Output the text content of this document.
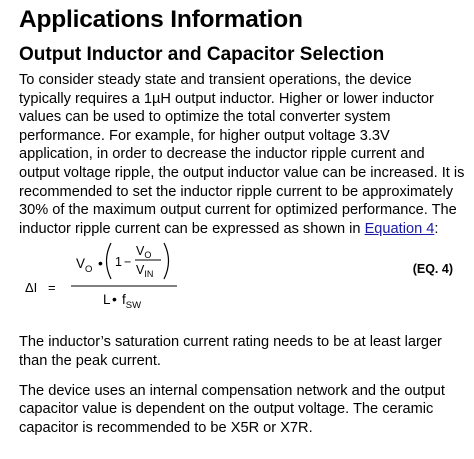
Applications Information
Output Inductor and Capacitor Selection

To consider steady state and transient operations, the device typically requires a 1µH output inductor. Higher or lower inductor values can be used to optimize the total converter system performance. For example, for higher output voltage 3.3V application, in order to decrease the inductor ripple current and output voltage ripple, the output inductor value can be increased. It is recommended to set the inductor ripple current to be approximately 30% of the maximum output current for optimized performance. The inductor ripple current can be expressed as shown in Equation 4:

ΔI =
$V_O$ • 1 −
$V_O$
$V_{IN}$
L • $f_{SW}$
(EQ. 4)

The inductor’s saturation current rating needs to be at least larger than the peak current.

The device uses an internal compensation network and the output capacitor value is dependent on the output voltage. The ceramic capacitor is recommended to be X5R or X7R.
